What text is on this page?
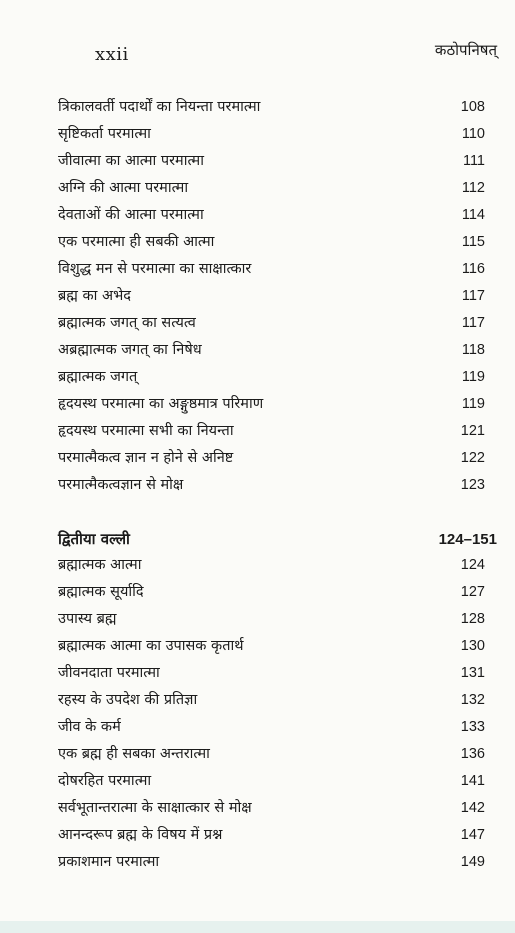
xxii	कठोपनिषत्
त्रिकालवर्ती पदार्थों का नियन्ता परमात्मा	108
सृष्टिकर्ता परमात्मा	110
जीवात्मा का आत्मा परमात्मा	111
अग्नि की आत्मा परमात्मा	112
देवताओं की आत्मा परमात्मा	114
एक परमात्मा ही सबकी आत्मा	115
विशुद्ध मन से परमात्मा का साक्षात्कार	116
ब्रह्म का अभेद	117
ब्रह्मात्मक जगत् का सत्यत्व	117
अब्रह्मात्मक जगत् का निषेध	118
ब्रह्मात्मक जगत्	119
हृदयस्थ परमात्मा का अङ्गुष्ठमात्र परिमाण	119
हृदयस्थ परमात्मा सभी का नियन्ता	121
परमात्मैकत्व ज्ञान न होने से अनिष्ट	122
परमात्मैकत्वज्ञान से मोक्ष	123
द्वितीया वल्ली	124–151
ब्रह्मात्मक आत्मा	124
ब्रह्मात्मक सूर्यादि	127
उपास्य ब्रह्म	128
ब्रह्मात्मक आत्मा का उपासक कृतार्थ	130
जीवनदाता परमात्मा	131
रहस्य के उपदेश की प्रतिज्ञा	132
जीव के कर्म	133
एक ब्रह्म ही सबका अन्तरात्मा	136
दोषरहित परमात्मा	141
सर्वभूतान्तरात्मा के साक्षात्कार से मोक्ष	142
आनन्दरूप ब्रह्म के विषय में प्रश्न	147
प्रकाशमान परमात्मा	149
